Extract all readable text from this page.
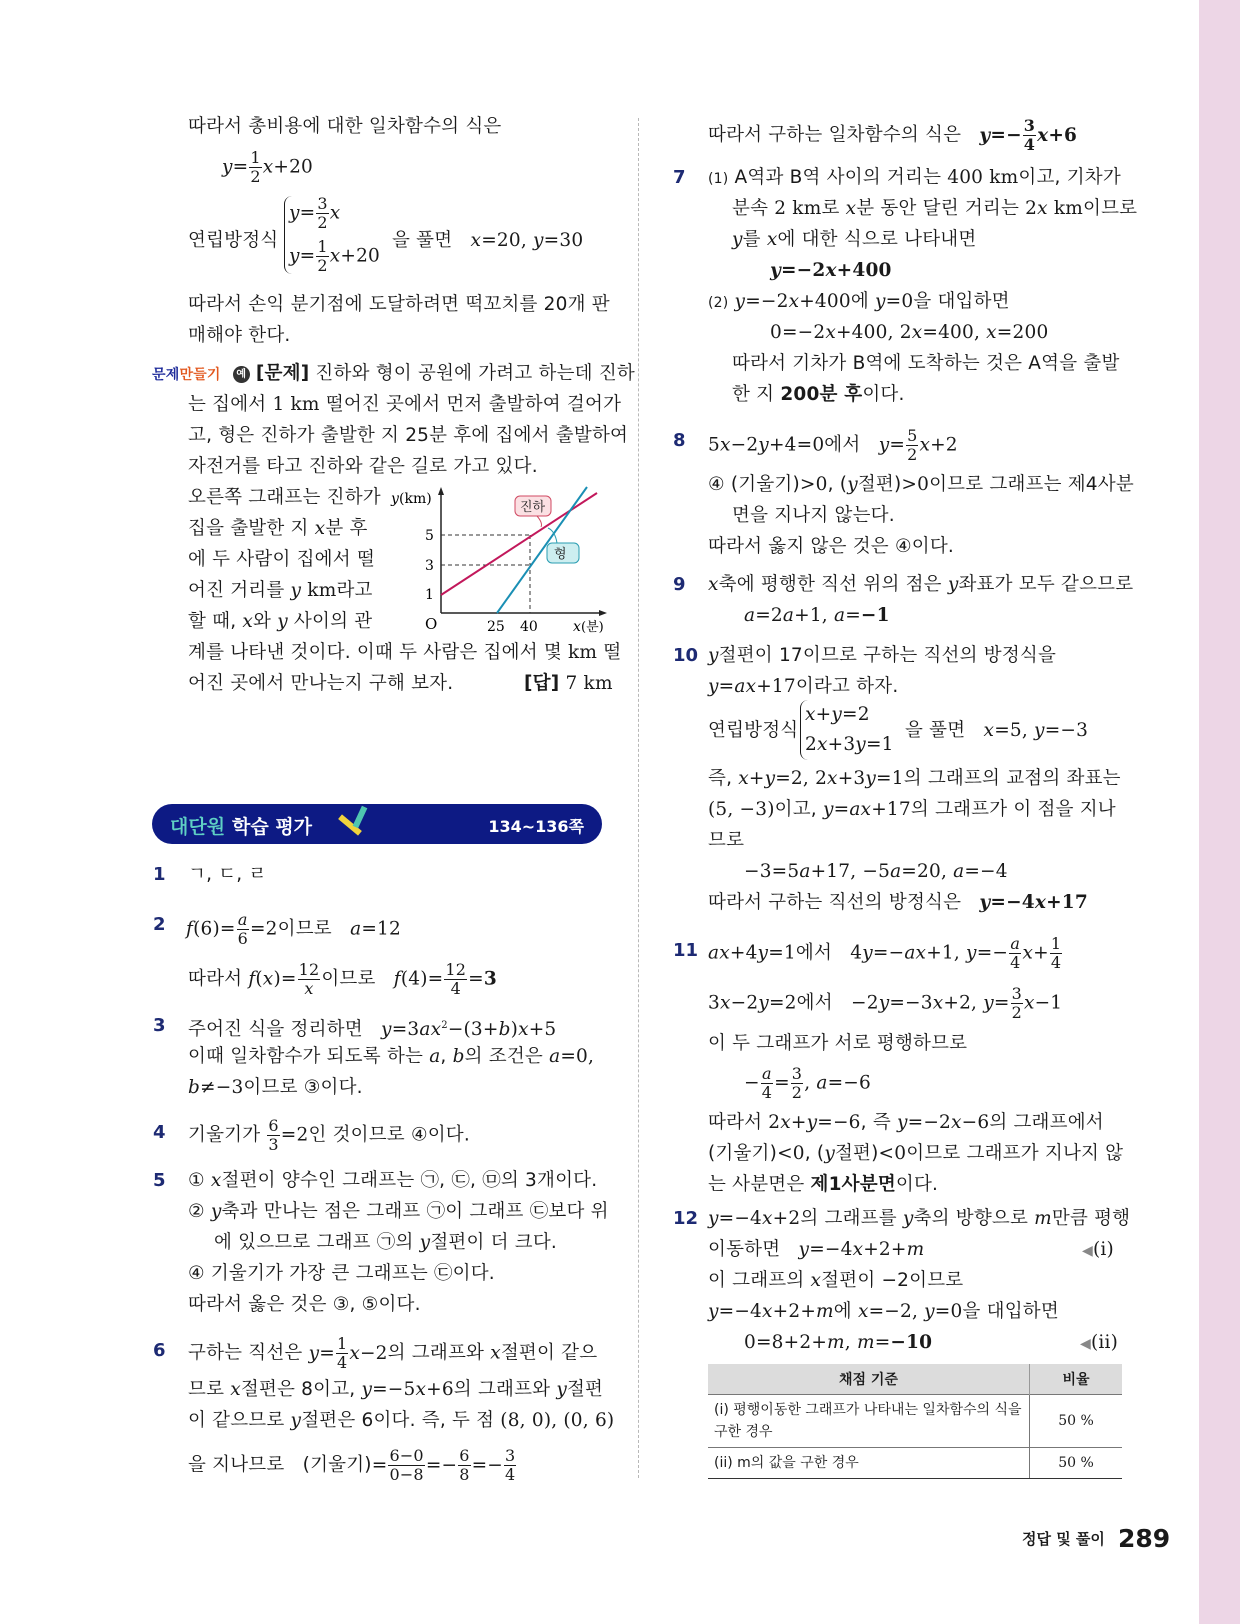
따라서 총비용에 대한 일차함수의 식은
$y= \frac{1}{2} x+20$
연립방정식
$y= \frac{3}{2}$ x
$y= \frac{1}{2} x+20$
을 풀면   x=20, y=30
따라서 손익 분기점에 도달하려면 떡꼬치를 20개 판
매해야 한다.
문제만들기 예 [문제] 진하와 형이 공원에 가려고 하는데 진하
는 집에서 1 km 떨어진 곳에서 먼저 출발하여 걸어가
고, 형은 진하가 출발한 지 25분 후에 집에서 출발하여
자전거를 타고 진하와 같은 길로 가고 있다.
오른쪽 그래프는 진하가
집을 출발한 지 x분 후
에 두 사람이 집에서 떨
어진 거리를 y km라고
할 때, x와 y 사이의 관
계를 나타낸 것이다. 이때 두 사람은 집에서 몇 km 떨
어진 곳에서 만나는지 구해 보자.	[답] 7 km
y (km)
5
3
1
O	25 40	x (분)
진하
형
대단원 학습 평가	134~136쪽
1 ㄱ, ㄷ, ㄹ
2 $f(6)= \frac{a}{6} =2$이므로 a=12
따라서 $f(x)= \frac{12}{x}$ 이므로 $f(4)= \frac{12}{4} =3$
3 주어진 식을 정리하면   $y=3ax^2-(3+b)x+5$
이때 일차함수가 되도록 하는 a, b의 조건은 a=0,
b≠−3이므로 ③이다.
4 기울기가 $\frac{6}{3} =2$인 것이므로 ④이다.
5 ① x절편이 양수인 그래프는 ㉠, ㉢, ㉤의 3개이다.
② y축과 만나는 점은 그래프 ㉠이 그래프 ㉢보다 위
에 있으므로 그래프 ㉠의 y절편이 더 크다.
④ 기울기가 가장 큰 그래프는 ㉢이다.
따라서 옳은 것은 ③, ⑤이다.
6 구하는 직선은 $y= \frac{1}{4} x-2$의 그래프와 x절편이 같으
므로 x절편은 8이고, y=−5x+6의 그래프와 y절편
이 같으므로 y절편은 6이다. 즉, 두 점 (8, 0), (0, 6)
을 지나므로   (기울기)= $\frac{6-0}{0-8} =- \frac{6}{8} =- \frac{3}{4}$
따라서 구하는 일차함수의 식은   $y=- \frac{3}{4} x+6$
7 (1) A역과 B역 사이의 거리는 400 km이고, 기차가
분속 2 km로 x분 동안 달린 거리는 2x km이므로
y를 x에 대한 식으로 나타내면
y=−2x+400
(2) y=−2x+400에 y=0을 대입하면
0=−2x+400, 2x=400, x=200
따라서 기차가 B역에 도착하는 것은 A역을 출발
한 지 200분 후이다.
8 5x−2y+4=0에서 $y= \frac{5}{2} x+2$
④ (기울기)>0, (y절편)>0이므로 그래프는 제4사분
면을 지나지 않는다.
따라서 옳지 않은 것은 ④이다.
9 x축에 평행한 직선 위의 점은 y좌표가 모두 같으므로
a=2a+1, a=−1
10 y절편이 17이므로 구하는 직선의 방정식을
y=ax+17이라고 하자.
연립방정식
x+y=2
2x+3y=1
을 풀면   x=5, y=−3
즉, x+y=2, 2x+3y=1의 그래프의 교점의 좌표는
(5, −3)이고, y=ax+17의 그래프가 이 점을 지나
므로
−3=5a+17, −5a=20, a=−4
따라서 구하는 직선의 방정식은   y=−4x+17
11 ax+4y=1에서   4y=−ax+1, $y=- \frac{a}{4} x+ \frac{1}{4}$
3x−2y=2에서   −2y=−3x+2, $y= \frac{3}{2} x-1$
이 두 그래프가 서로 평행하므로
− $\frac{a}{4} = \frac{3}{2}$ , a=−6
따라서 2x+y=−6, 즉 y=−2x−6의 그래프에서
(기울기)<0, (y절편)<0이므로 그래프가 지나지 않
는 사분면은 제1사분면이다.
12 y=−4x+2의 그래프를 y축의 방향으로 m만큼 평행
이동하면   y=−4x+2+m	◀(i)
이 그래프의 x절편이 −2이므로
y=−4x+2+m에 x=−2, y=0을 대입하면
0=8+2+m, m=−10	◀(ii)
채점 기준	비율
(i) 평행이동한 그래프가 나타내는 일차함수의 식을 구한 경우	50 %
(ii) m의 값을 구한 경우	50 %
정답 및 풀이 289
